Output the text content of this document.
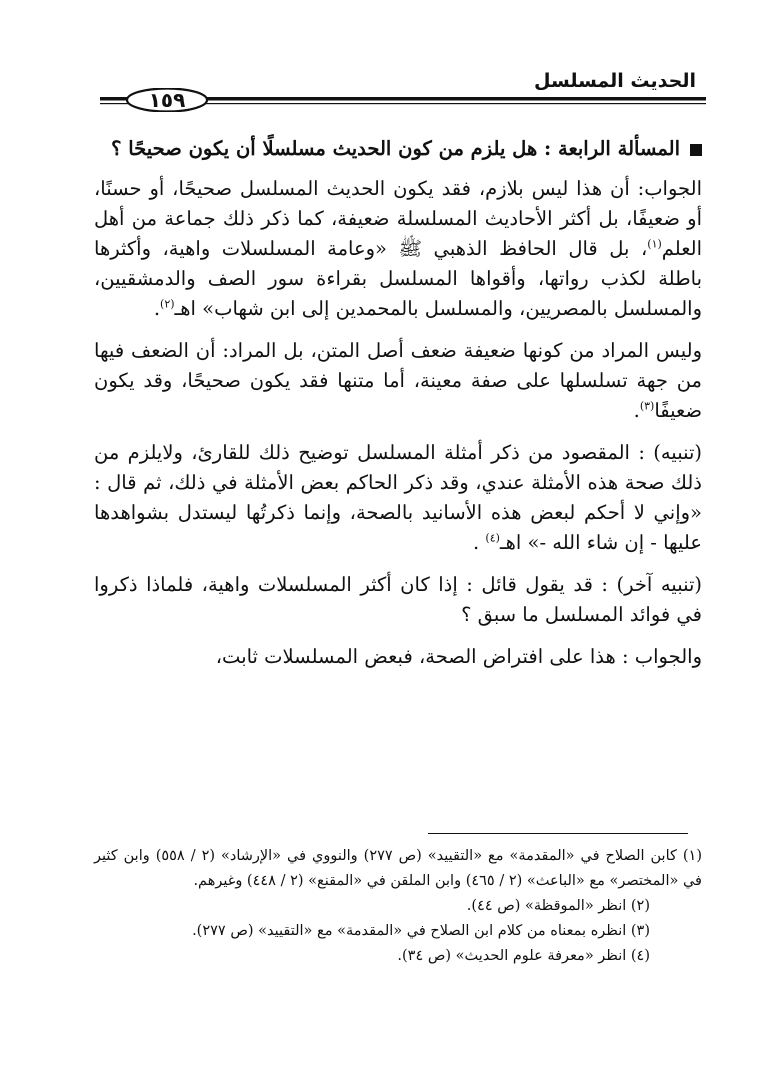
الحديث المسلسل
١٥٩

المسألة الرابعة : هل يلزم من كون الحديث مسلسلًا أن يكون صحيحًا ؟

الجواب: أن هذا ليس بلازم، فقد يكون الحديث المسلسل صحيحًا، أو حسنًا، أو ضعيفًا، بل أكثر الأحاديث المسلسلة ضعيفة، كما ذكر ذلك جماعة من أهل العلم$^{(١)}$، بل قال الحافظ الذهبي ﷺ «وعامة المسلسلات واهية، وأكثرها باطلة لكذب رواتها، وأقواها المسلسل بقراءة سور الصف والدمشقيين، والمسلسل بالمصريين، والمسلسل بالمحمدين إلى ابن شهاب» اهـ$^{(٢)}$.

وليس المراد من كونها ضعيفة ضعف أصل المتن، بل المراد: أن الضعف فيها من جهة تسلسلها على صفة معينة، أما متنها فقد يكون صحيحًا، وقد يكون ضعيفًا$^{(٣)}$.

(تنبيه) : المقصود من ذكر أمثلة المسلسل توضيح ذلك للقارئ، ولايلزم من ذلك صحة هذه الأمثلة عندي، وقد ذكر الحاكم بعض الأمثلة في ذلك، ثم قال : «وإني لا أحكم لبعض هذه الأسانيد بالصحة، وإنما ذكرتُها ليستدل بشواهدها عليها - إن شاء الله -» اهـ$^{(٤)}$ .

(تنبيه آخر) : قد يقول قائل : إذا كان أكثر المسلسلات واهية، فلماذا ذكروا في فوائد المسلسل ما سبق ؟

والجواب : هذا على افتراض الصحة، فبعض المسلسلات ثابت،

(١) كابن الصلاح في «المقدمة» مع «التقييد» (ص ٢٧٧) والنووي في «الإرشاد» (٢ / ٥٥٨) وابن كثير في «المختصر» مع «الباعث» (٢ / ٤٦٥) وابن الملقن في «المقنع» (٢ / ٤٤٨) وغيرهم.

(٢) انظر «الموقظة» (ص ٤٤).

(٣) انظره بمعناه من كلام ابن الصلاح في «المقدمة» مع «التقييد» (ص ٢٧٧).

(٤) انظر «معرفة علوم الحديث» (ص ٣٤).
